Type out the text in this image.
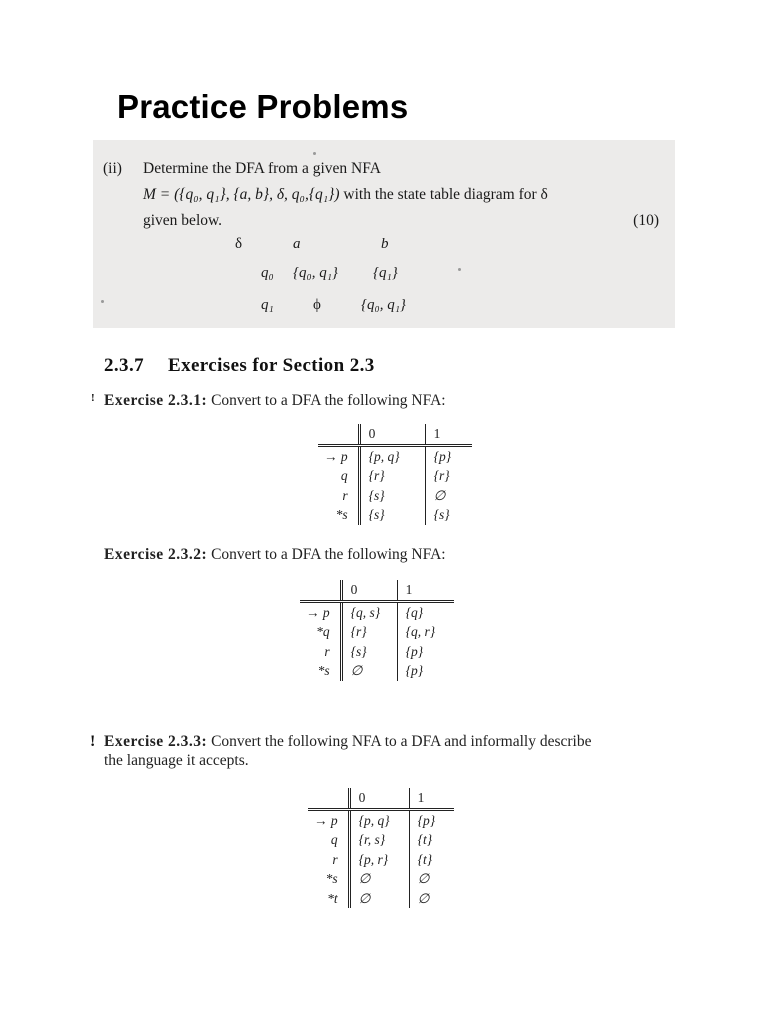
Practice Problems
(ii) Determine the DFA from a given NFA
M = ({q₀, q₁}, {a, b}, δ, q₀,{q₁}) with the state table diagram for δ
given below.	(10)
δ	a	b
q₀ {q₀, q₁} {q₁}
q₁	ϕ	{q₀, q₁}
2.3.7 Exercises for Section 2.3
! Exercise 2.3.1: Convert to a DFA the following NFA:
	0	1
→ p	{p, q}	{p}
q	{r}	{r}
r	{s}	∅
*s	{s}	{s}
Exercise 2.3.2: Convert to a DFA the following NFA:
	0	1
→ p	{q, s}	{q}
*q	{r}	{q, r}
r	{s}	{p}
*s	∅	{p}
! Exercise 2.3.3: Convert the following NFA to a DFA and informally describe
the language it accepts.
	0	1
→ p	{p, q}	{p}
q	{r, s}	{t}
r	{p, r}	{t}
*s	∅	∅
*t	∅	∅
